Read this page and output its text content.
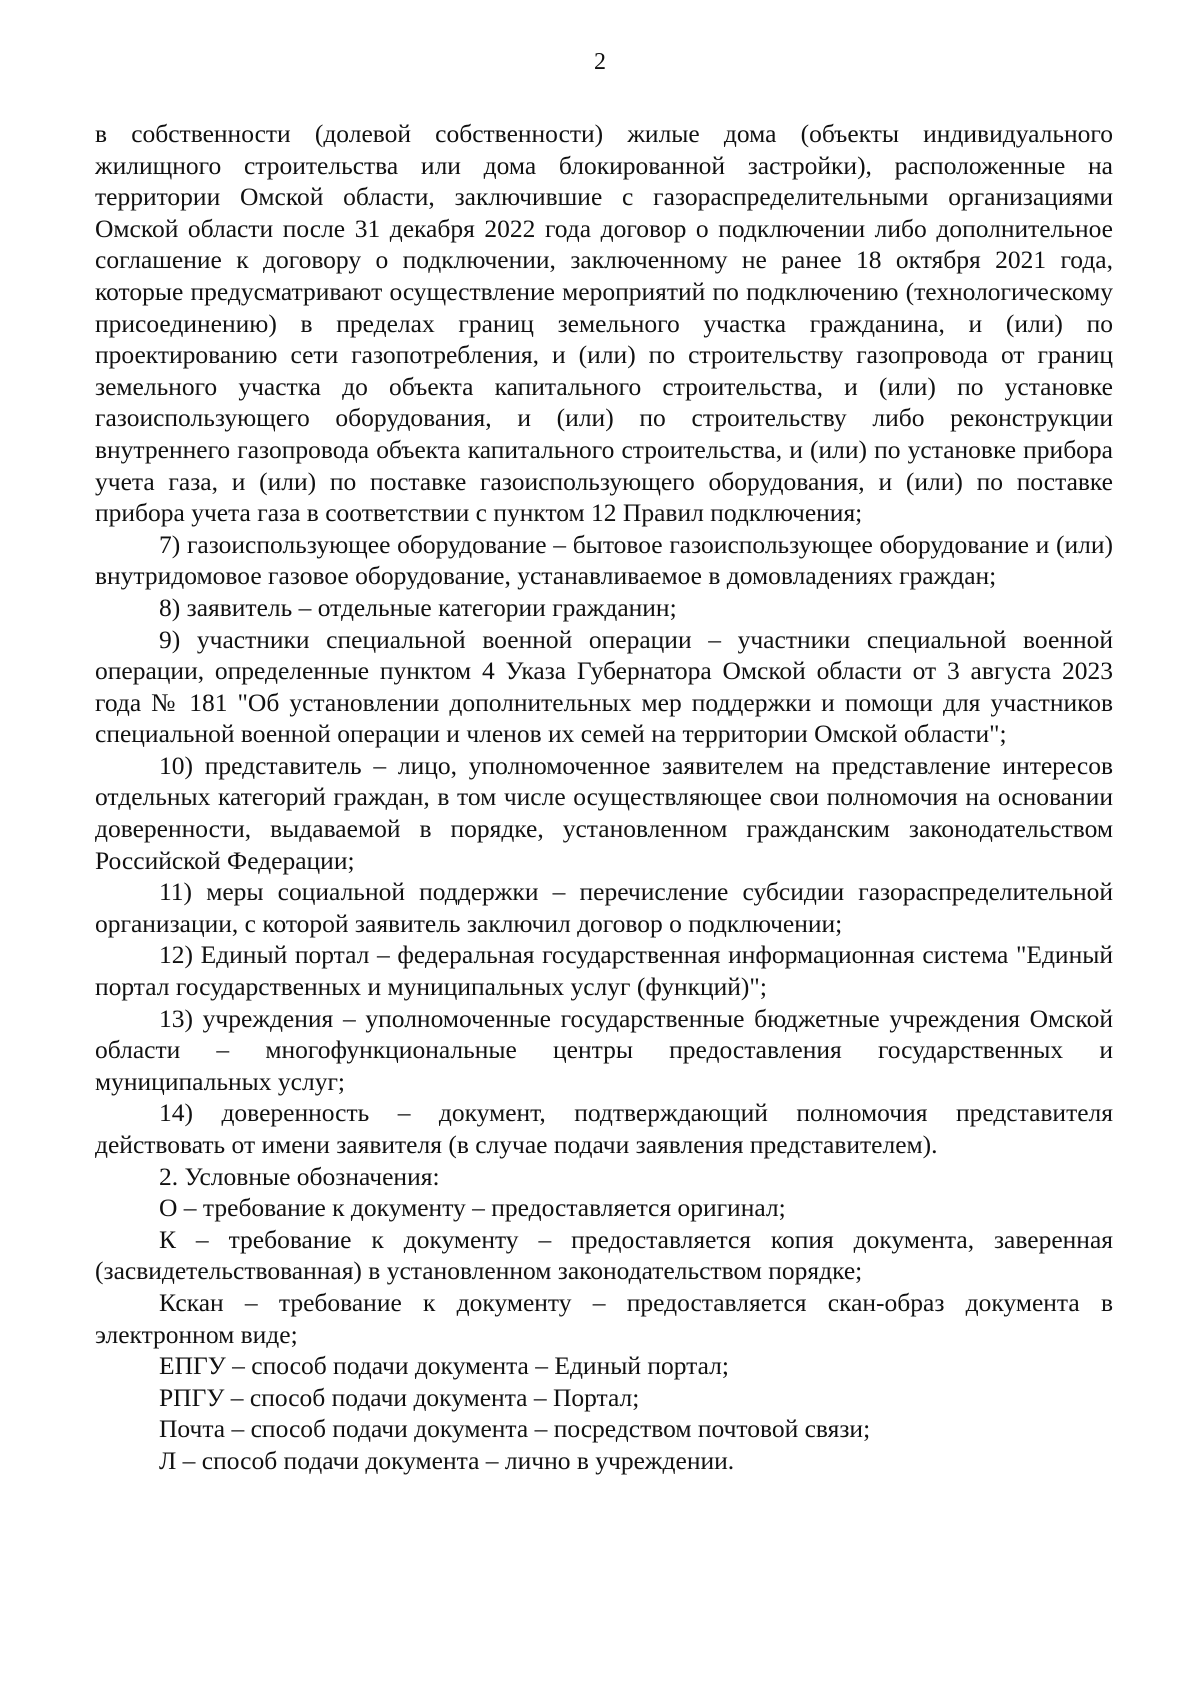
2

в собственности (долевой собственности) жилые дома (объекты индивидуального жилищного строительства или дома блокированной застройки), расположенные на территории Омской области, заключившие с газораспределительными организациями Омской области после 31 декабря 2022 года договор о подключении либо дополнительное соглашение к договору о подключении, заключенному не ранее 18 октября 2021 года, которые предусматривают осуществление мероприятий по подключению (технологическому присоединению) в пределах границ земельного участка гражданина, и (или) по проектированию сети газопотребления, и (или) по строительству газопровода от границ земельного участка до объекта капитального строительства, и (или) по установке газоиспользующего оборудования, и (или) по строительству либо реконструкции внутреннего газопровода объекта капитального строительства, и (или) по установке прибора учета газа, и (или) по поставке газоиспользующего оборудования, и (или) по поставке прибора учета газа в соответствии с пунктом 12 Правил подключения;

7) газоиспользующее оборудование – бытовое газоиспользующее оборудование и (или) внутридомовое газовое оборудование, устанавливаемое в домовладениях граждан;

8) заявитель – отдельные категории гражданин;

9) участники специальной военной операции – участники специальной военной операции, определенные пунктом 4 Указа Губернатора Омской области от 3 августа 2023 года № 181 "Об установлении дополнительных мер поддержки и помощи для участников специальной военной операции и членов их семей на территории Омской области";

10) представитель – лицо, уполномоченное заявителем на представление интересов отдельных категорий граждан, в том числе осуществляющее свои полномочия на основании доверенности, выдаваемой в порядке, установленном гражданским законодательством Российской Федерации;

11) меры социальной поддержки – перечисление субсидии газораспределительной организации, с которой заявитель заключил договор о подключении;

12) Единый портал – федеральная государственная информационная система "Единый портал государственных и муниципальных услуг (функций)";

13) учреждения – уполномоченные государственные бюджетные учреждения Омской области – многофункциональные центры предоставления государственных и муниципальных услуг;

14) доверенность – документ, подтверждающий полномочия представителя действовать от имени заявителя (в случае подачи заявления представителем).

2. Условные обозначения:

О – требование к документу – предоставляется оригинал;

К – требование к документу – предоставляется копия документа, заверенная (засвидетельствованная) в установленном законодательством порядке;

Кскан – требование к документу – предоставляется скан-образ документа в электронном виде;

ЕПГУ – способ подачи документа – Единый портал;

РПГУ – способ подачи документа – Портал;

Почта – способ подачи документа – посредством почтовой связи;

Л – способ подачи документа – лично в учреждении.
